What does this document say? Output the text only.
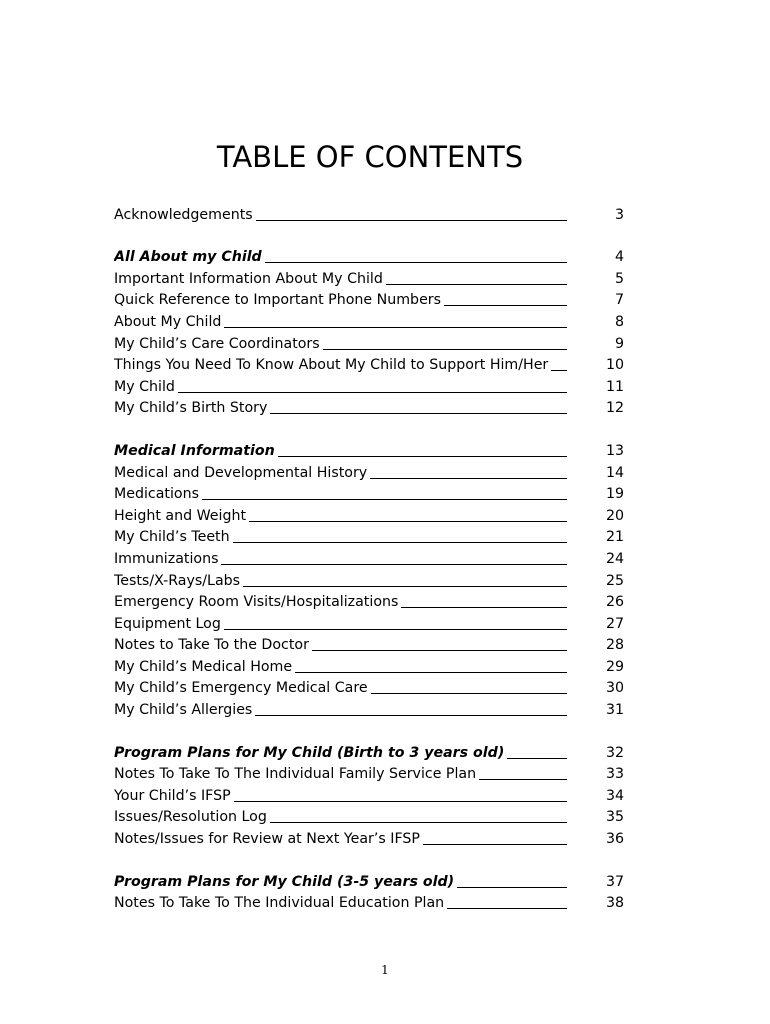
TABLE OF CONTENTS
Acknowledgements	3
All About my Child	4
Important Information About My Child	5
Quick Reference to Important Phone Numbers	7
About My Child	8
My Child’s Care Coordinators	9
Things You Need To Know About My Child to Support Him/Her	10
My Child	11
My Child’s Birth Story	12
Medical Information	13
Medical and Developmental History	14
Medications	19
Height and Weight	20
My Child’s Teeth	21
Immunizations	24
Tests/X-Rays/Labs	25
Emergency Room Visits/Hospitalizations	26
Equipment Log	27
Notes to Take To the Doctor	28
My Child’s Medical Home	29
My Child’s Emergency Medical Care	30
My Child’s Allergies	31
Program Plans for My Child (Birth to 3 years old)	32
Notes To Take To The Individual Family Service Plan	33
Your Child’s IFSP	34
Issues/Resolution Log	35
Notes/Issues for Review at Next Year’s IFSP	36
Program Plans for My Child (3-5 years old)	37
Notes To Take To The Individual Education Plan	38
1
